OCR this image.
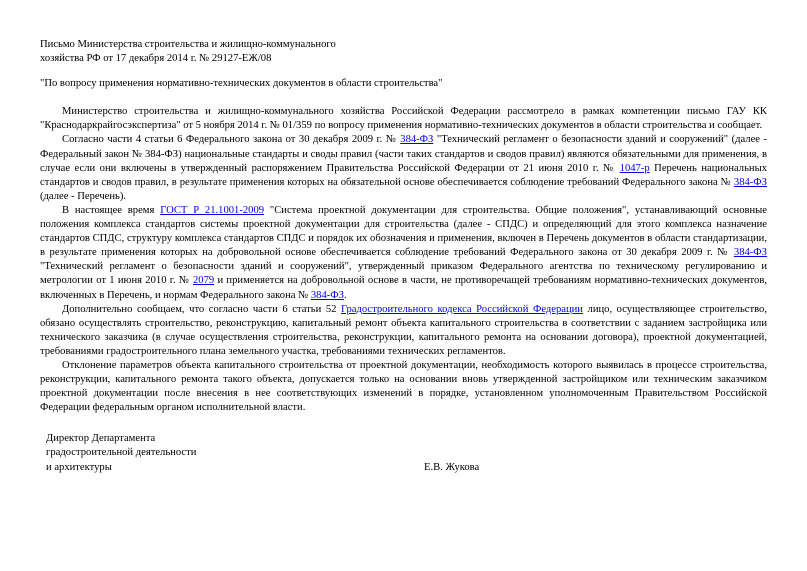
Письмо Министерства строительства и жилищно-коммунального
хозяйства РФ от 17 декабря 2014 г. № 29127-ЕЖ/08
"По вопросу применения нормативно-технических документов в области строительства"

Министерство строительства и жилищно-коммунального хозяйства Российской Федерации рассмотрело в рамках компетенции письмо ГАУ КК "Краснодаркрайгосэкспертиза" от 5 ноября 2014 г. № 01/359 по вопросу применения нормативно-технических документов в области строительства и сообщает.

Согласно части 4 статьи 6 Федерального закона от 30 декабря 2009 г. № 384-ФЗ "Технический регламент о безопасности зданий и сооружений" (далее - Федеральный закон № 384-ФЗ) национальные стандарты и своды правил (части таких стандартов и сводов правил) являются обязательными для применения, в случае если они включены в утвержденный распоряжением Правительства Российской Федерации от 21 июня 2010 г. № 1047-р Перечень национальных стандартов и сводов правил, в результате применения которых на обязательной основе обеспечивается соблюдение требований Федерального закона № 384-ФЗ (далее - Перечень).

В настоящее время ГОСТ Р 21.1001-2009 "Система проектной документации для строительства. Общие положения", устанавливающий основные положения комплекса стандартов системы проектной документации для строительства (далее - СПДС) и определяющий для этого комплекса назначение стандартов СПДС, структуру комплекса стандартов СПДС и порядок их обозначения и применения, включен в Перечень документов в области стандартизации, в результате применения которых на добровольной основе обеспечивается соблюдение требований Федерального закона от 30 декабря 2009 г. № 384-ФЗ "Технический регламент о безопасности зданий и сооружений", утвержденный приказом Федерального агентства по техническому регулированию и метрологии от 1 июня 2010 г. № 2079 и применяется на добровольной основе в части, не противоречащей требованиям нормативно-технических документов, включенных в Перечень, и нормам Федерального закона № 384-ФЗ.

Дополнительно сообщаем, что согласно части 6 статьи 52 Градостроительного кодекса Российской Федерации лицо, осуществляющее строительство, обязано осуществлять строительство, реконструкцию, капитальный ремонт объекта капитального строительства в соответствии с заданием застройщика или технического заказчика (в случае осуществления строительства, реконструкции, капитального ремонта на основании договора), проектной документацией, требованиями градостроительного плана земельного участка, требованиями технических регламентов.

Отклонение параметров объекта капитального строительства от проектной документации, необходимость которого выявилась в процессе строительства, реконструкции, капитального ремонта такого объекта, допускается только на основании вновь утвержденной застройщиком или техническим заказчиком проектной документации после внесения в нее соответствующих изменений в порядке, установленном уполномоченным Правительством Российской Федерации федеральным органом исполнительной власти.

Директор Департамента
градостроительной деятельности
и архитектуры	Е.В. Жукова
